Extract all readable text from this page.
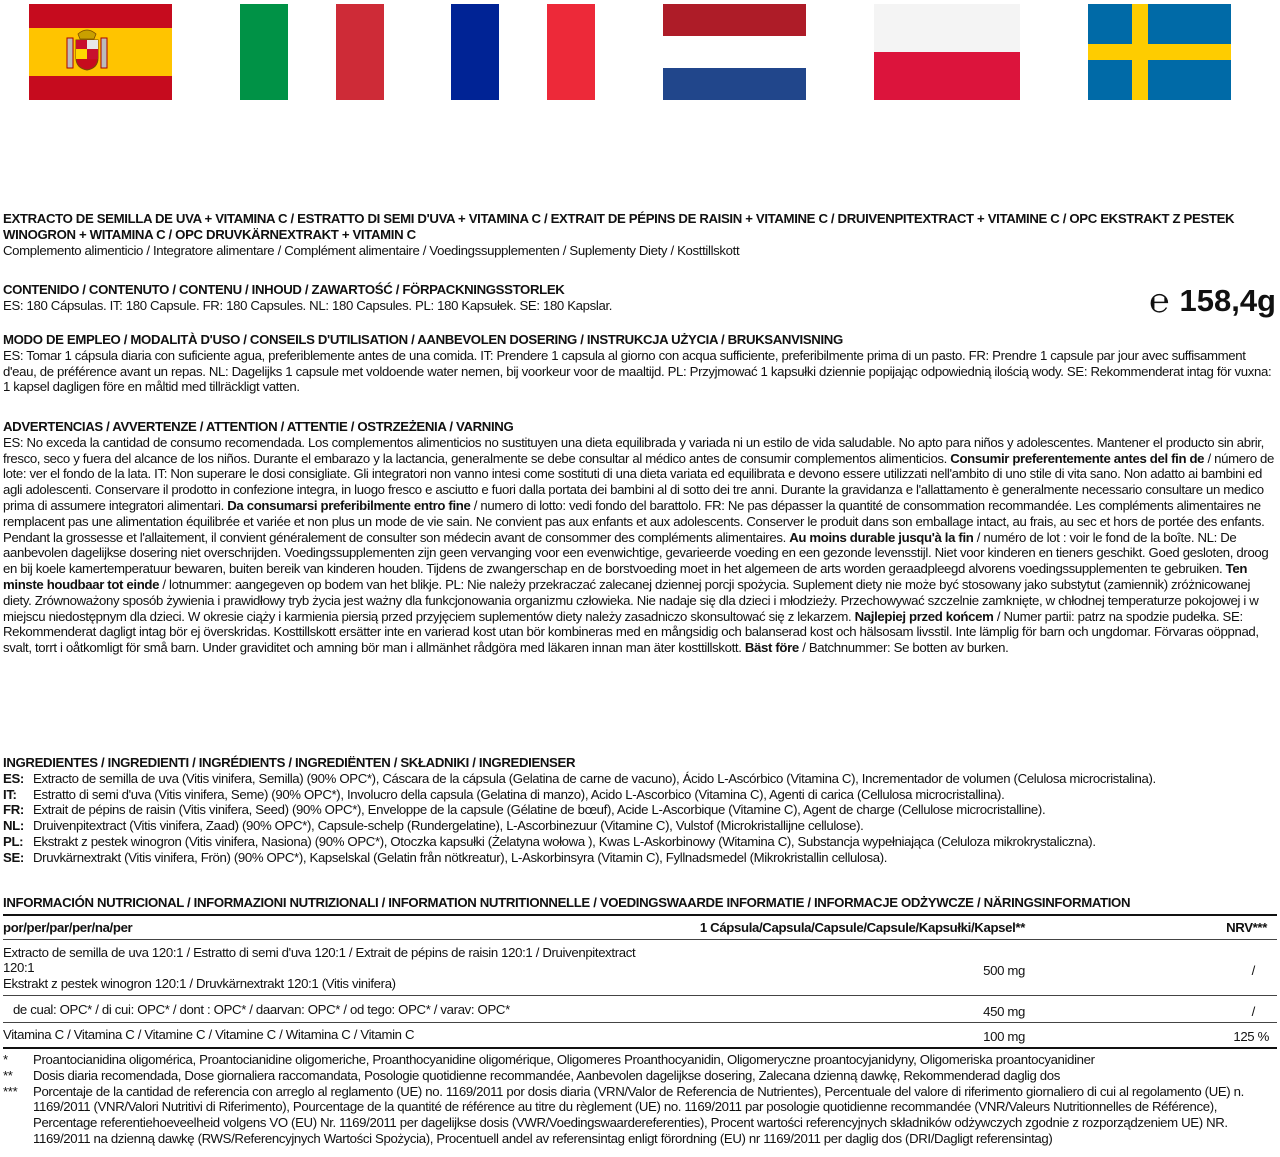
EXTRACTO DE SEMILLA DE UVA + VITAMINA C / ESTRATTO DI SEMI D'UVA + VITAMINA C / EXTRAIT DE PÉPINS DE RAISIN + VITAMINE C / DRUIVENPITEXTRACT + VITAMINE C / OPC EKSTRAKT Z PESTEK WINOGRON + WITAMINA C / OPC DRUVKÄRNEXTRAKT + VITAMIN C

Complemento alimenticio / Integratore alimentare / Complément alimentaire / Voedingssupplementen / Suplementy Diety / Kosttillskott

CONTENIDO / CONTENUTO / CONTENU / INHOUD / ZAWARTOŚĆ / FÖRPACKNINGSSTORLEK

ES: 180 Cápsulas. IT: 180 Capsule. FR: 180 Capsules. NL: 180 Capsules. PL: 180 Kapsułek. SE: 180 Kapslar.	℮ 158,4g

MODO DE EMPLEO / MODALITÀ D'USO / CONSEILS D'UTILISATION / AANBEVOLEN DOSERING / INSTRUKCJA UŻYCIA / BRUKSANVISNING

ES: Tomar 1 cápsula diaria con suficiente agua, preferiblemente antes de una comida. IT: Prendere 1 capsula al giorno con acqua sufficiente, preferibilmente prima di un pasto. FR: Prendre 1 capsule par jour avec suffisamment d'eau, de préférence avant un repas. NL: Dagelijks 1 capsule met voldoende water nemen, bij voorkeur voor de maaltijd. PL: Przyjmować 1 kapsułki dziennie popijając odpowiednią ilością wody. SE: Rekommenderat intag för vuxna: 1 kapsel dagligen före en måltid med tillräckligt vatten.

ADVERTENCIAS / AVVERTENZE / ATTENTION / ATTENTIE / OSTRZEŻENIA / VARNING

ES: No exceda la cantidad de consumo recomendada. Los complementos alimenticios no sustituyen una dieta equilibrada y variada ni un estilo de vida saludable. No apto para niños y adolescentes. Mantener el producto sin abrir, fresco, seco y fuera del alcance de los niños. Durante el embarazo y la lactancia, generalmente se debe consultar al médico antes de consumir complementos alimenticios. Consumir preferentemente antes del fin de / número de lote: ver el fondo de la lata. IT: Non superare le dosi consigliate. Gli integratori non vanno intesi come sostituti di una dieta variata ed equilibrata e devono essere utilizzati nell'ambito di uno stile di vita sano. Non adatto ai bambini ed agli adolescenti. Conservare il prodotto in confezione integra, in luogo fresco e asciutto e fuori dalla portata dei bambini al di sotto dei tre anni. Durante la gravidanza e l'allattamento è generalmente necessario consultare un medico prima di assumere integratori alimentari. Da consumarsi preferibilmente entro fine / numero di lotto: vedi fondo del barattolo. FR: Ne pas dépasser la quantité de consommation recommandée. Les compléments alimentaires ne remplacent pas une alimentation équilibrée et variée et non plus un mode de vie sain. Ne convient pas aux enfants et aux adolescents. Conserver le produit dans son emballage intact, au frais, au sec et hors de portée des enfants. Pendant la grossesse et l'allaitement, il convient généralement de consulter son médecin avant de consommer des compléments alimentaires. Au moins durable jusqu'à la fin / numéro de lot : voir le fond de la boîte. NL: De aanbevolen dagelijkse dosering niet overschrijden. Voedingssupplementen zijn geen vervanging voor een evenwichtige, gevarieerde voeding en een gezonde levensstijl. Niet voor kinderen en tieners geschikt. Goed gesloten, droog en bij koele kamertemperatuur bewaren, buiten bereik van kinderen houden. Tijdens de zwangerschap en de borstvoeding moet in het algemeen de arts worden geraadpleegd alvorens voedingssupplementen te gebruiken. Ten minste houdbaar tot einde / lotnummer: aangegeven op bodem van het blikje. PL: Nie należy przekraczać zalecanej dziennej porcji spożycia. Suplement diety nie może być stosowany jako substytut (zamiennik) zróżnicowanej diety. Zrównoważony sposób żywienia i prawidłowy tryb życia jest ważny dla funkcjonowania organizmu człowieka. Nie nadaje się dla dzieci i młodzieży. Przechowywać szczelnie zamknięte, w chłodnej temperaturze pokojowej i w miejscu niedostępnym dla dzieci. W okresie ciąży i karmienia piersią przed przyjęciem suplementów diety należy zasadniczo skonsultować się z lekarzem. Najlepiej przed końcem / Numer partii: patrz na spodzie pudełka. SE: Rekommenderat dagligt intag bör ej överskridas. Kosttillskott ersätter inte en varierad kost utan bör kombineras med en mångsidig och balanserad kost och hälsosam livsstil. Inte lämplig för barn och ungdomar. Förvaras oöppnad, svalt, torrt i oåtkomligt för små barn. Under graviditet och amning bör man i allmänhet rådgöra med läkaren innan man äter kosttillskott. Bäst före / Batchnummer: Se botten av burken.

INGREDIENTES / INGREDIENTI / INGRÉDIENTS / INGREDIËNTEN / SKŁADNIKI / INGREDIENSER

ES: Extracto de semilla de uva (Vitis vinifera, Semilla) (90% OPC*), Cáscara de la cápsula (Gelatina de carne de vacuno), Ácido L-Ascórbico (Vitamina C), Incrementador de volumen (Celulosa microcristalina).
IT:	Estratto di semi d'uva (Vitis vinifera, Seme) (90% OPC*), Involucro della capsula (Gelatina di manzo), Acido L-Ascorbico (Vitamina C), Agenti di carica (Cellulosa microcristallina).
FR: Extrait de pépins de raisin (Vitis vinifera, Seed) (90% OPC*), Enveloppe de la capsule (Gélatine de bœuf), Acide L-Ascorbique (Vitamine C), Agent de charge (Cellulose microcristalline).
NL: Druivenpitextract (Vitis vinifera, Zaad) (90% OPC*), Capsule-schelp (Rundergelatine), L-Ascorbinezuur (Vitamine C), Vulstof (Microkristallijne cellulose).
PL: Ekstrakt z pestek winogron (Vitis vinifera, Nasiona) (90% OPC*), Otoczka kapsułki (Żelatyna wołowa ), Kwas L-Askorbinowy (Witamina C), Substancja wypełniająca (Celuloza mikrokrystaliczna).
SE: Druvkärnextrakt (Vitis vinifera, Frön) (90% OPC*), Kapselskal (Gelatin från nötkreatur), L-Askorbinsyra (Vitamin C), Fyllnadsmedel (Mikrokristallin cellulosa).

INFORMACIÓN NUTRICIONAL / INFORMAZIONI NUTRIZIONALI / INFORMATION NUTRITIONNELLE / VOEDINGSWAARDE INFORMATIE / INFORMACJE ODŻYWCZE / NÄRINGSINFORMATION

por/per/par/per/na/per	1 Cápsula/Capsula/Capsule/Capsule/Kapsułki/Kapsel**	NRV***

Extracto de semilla de uva 120:1 / Estratto di semi d'uva 120:1 / Extrait de pépins de raisin 120:1 / Druivenpitextract 120:1
Ekstrakt z pestek winogron 120:1 / Druvkärnextrakt 120:1 (Vitis vinifera)	500 mg	/
de cual: OPC* / di cui: OPC* / dont : OPC* / daarvan: OPC* / od tego: OPC* / varav: OPC*	450 mg	/
Vitamina C / Vitamina C / Vitamine C / Vitamine C / Witamina C / Vitamin C	100 mg	125 %

*	Proantocianidina oligomérica, Proantocianidine oligomeriche, Proanthocyanidine oligomérique, Oligomeres Proanthocyanidin, Oligomeryczne proantocyjanidyny, Oligomeriska proantocyanidiner
**	Dosis diaria recomendada, Dose giornaliera raccomandata, Posologie quotidienne recommandée, Aanbevolen dagelijkse dosering, Zalecana dzienną dawkę, Rekommenderad daglig dos
***	Porcentaje de la cantidad de referencia con arreglo al reglamento (UE) no. 1169/2011 por dosis diaria (VRN/Valor de Referencia de Nutrientes), Percentuale del valore di riferimento giornaliero di cui al regolamento (UE) n. 1169/2011 (VNR/Valori Nutritivi di Riferimento), Pourcentage de la quantité de référence au titre du règlement (UE) no. 1169/2011 par posologie quotidienne recommandée (VNR/Valeurs Nutritionnelles de Référence), Percentage referentiehoeveelheid volgens VO (EU) Nr. 1169/2011 per dagelijkse dosis (VWR/Voedingswaardereferenties), Procent wartości referencyjnych składników odżywczych zgodnie z rozporządzeniem UE) NR. 1169/2011 na dzienną dawkę (RWS/Referencyjnych Wartości Spożycia), Procentuell andel av referensintag enligt förordning (EU) nr 1169/2011 per daglig dos (DRI/Dagligt referensintag)
